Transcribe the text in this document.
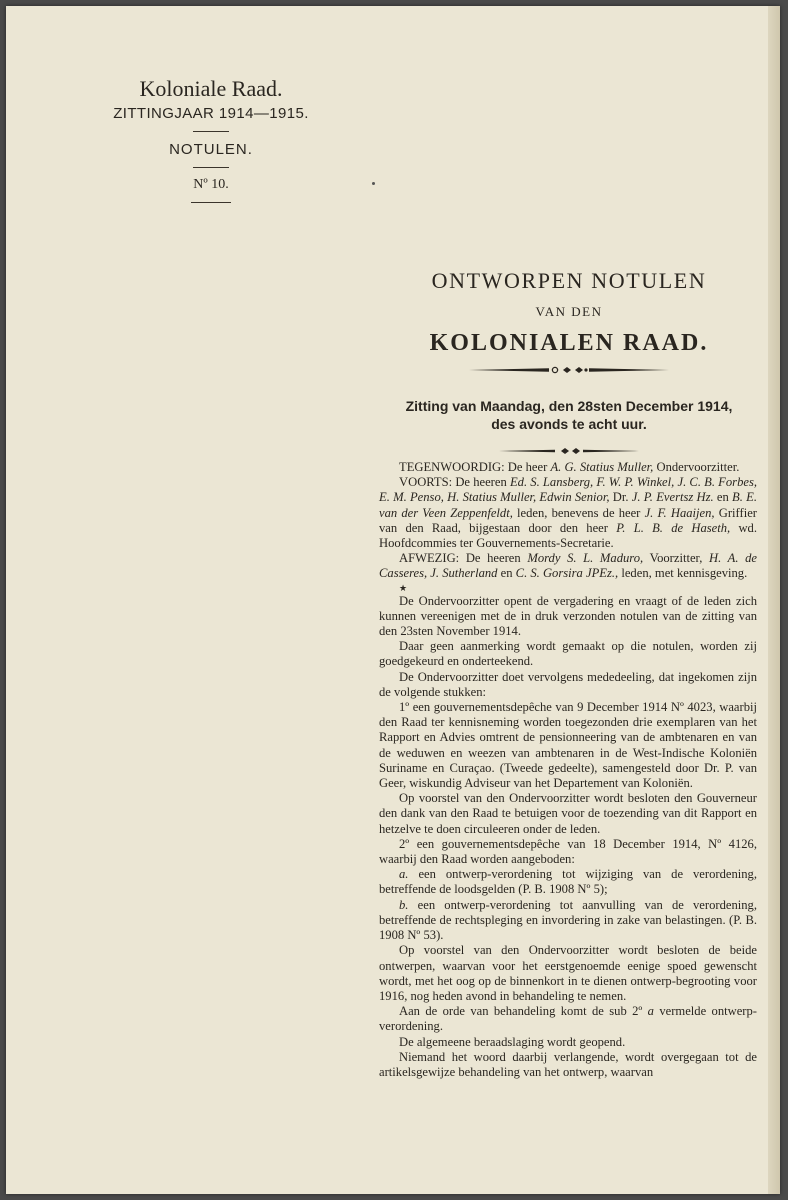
Koloniale Raad.
ZITTINGJAAR 1914—1915.
NOTULEN.
Nº 10.
ONTWORPEN NOTULEN
VAN DEN
KOLONIALEN RAAD.
Zitting van Maandag, den 28sten December 1914,
des avonds te acht uur.

TEGENWOORDIG: De heer A. G. Statius Muller, Ondervoorzitter.

VOORTS: De heeren Ed. S. Lansberg, F. W. P. Winkel, J. C. B. Forbes, E. M. Penso, H. Statius Muller, Edwin Senior, Dr. J. P. Evertsz Hz. en B. E. van der Veen Zeppenfeldt, leden, benevens de heer J. F. Haaijen, Griffier van den Raad, bijgestaan door den heer P. L. B. de Haseth, wd. Hoofdcommies ter Gouvernements-Secretarie.

AFWEZIG: De heeren Mordy S. L. Maduro, Voorzitter, H. A. de Casseres, J. Sutherland en C. S. Gorsira JPEz., leden, met kennisgeving.

★

De Ondervoorzitter opent de vergadering en vraagt of de leden zich kunnen vereenigen met de in druk verzonden notulen van de zitting van den 23sten November 1914.

Daar geen aanmerking wordt gemaakt op die notulen, worden zij goedgekeurd en onderteekend.

De Ondervoorzitter doet vervolgens mededeeling, dat ingekomen zijn de volgende stukken:

1º een gouvernementsdepêche van 9 December 1914 Nº 4023, waarbij den Raad ter kennisneming worden toegezonden drie exemplaren van het Rapport en Advies omtrent de pensionneering van de ambtenaren en van de weduwen en weezen van ambtenaren in de West-Indische Koloniën Suriname en Curaçao. (Tweede gedeelte), samengesteld door Dr. P. van Geer, wiskundig Adviseur van het Departement van Koloniën.

Op voorstel van den Ondervoorzitter wordt besloten den Gouverneur den dank van den Raad te betuigen voor de toezending van dit Rapport en hetzelve te doen circuleeren onder de leden.

2º een gouvernementsdepêche van 18 December 1914, Nº 4126, waarbij den Raad worden aangeboden:

a. een ontwerp-verordening tot wijziging van de verordening, betreffende de loodsgelden (P. B. 1908 Nº 5);

b. een ontwerp-verordening tot aanvulling van de verordening, betreffende de rechtspleging en invordering in zake van belastingen. (P. B. 1908 Nº 53).

Op voorstel van den Ondervoorzitter wordt besloten de beide ontwerpen, waarvan voor het eerstgenoemde eenige spoed gewenscht wordt, met het oog op de binnenkort in te dienen ontwerp-begrooting voor 1916, nog heden avond in behandeling te nemen.

Aan de orde van behandeling komt de sub 2º a vermelde ontwerp-verordening.

De algemeene beraadslaging wordt geopend.

Niemand het woord daarbij verlangende, wordt overgegaan tot de artikelsgewijze behandeling van het ontwerp, waarvan
